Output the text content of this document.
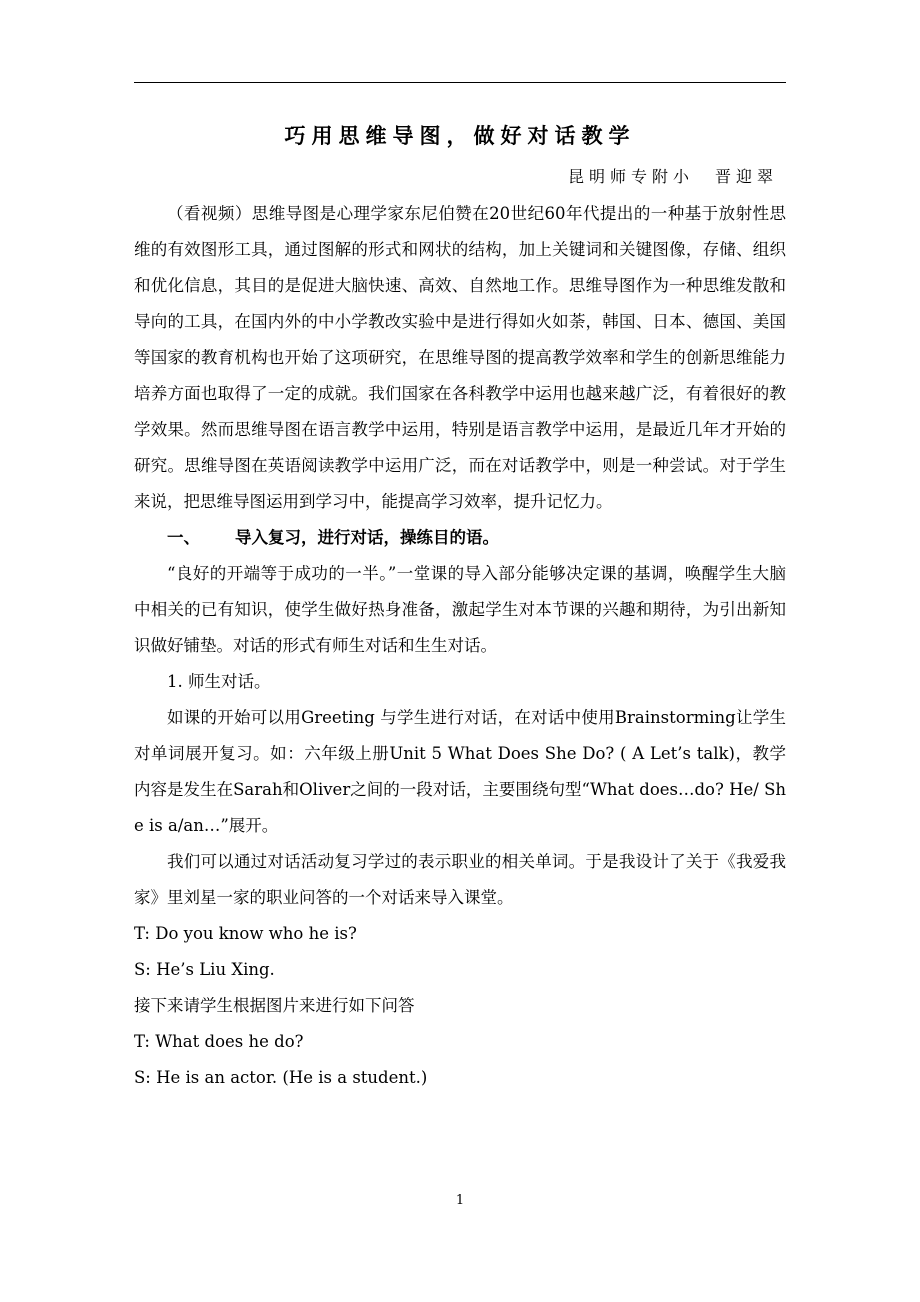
巧用思维导图，做好对话教学
昆明师专附小　晋迎翠

（看视频）思维导图是心理学家东尼伯赞在20世纪60年代提出的一种基于放射性思维的有效图形工具，通过图解的形式和网状的结构，加上关键词和关键图像，存储、组织和优化信息，其目的是促进大脑快速、高效、自然地工作。思维导图作为一种思维发散和导向的工具，在国内外的中小学教改实验中是进行得如火如荼，韩国、日本、德国、美国等国家的教育机构也开始了这项研究，在思维导图的提高教学效率和学生的创新思维能力培养方面也取得了一定的成就。我们国家在各科教学中运用也越来越广泛，有着很好的教学效果。然而思维导图在语言教学中运用，特别是语言教学中运用，是最近几年才开始的研究。思维导图在英语阅读教学中运用广泛，而在对话教学中，则是一种尝试。对于学生来说，把思维导图运用到学习中，能提高学习效率，提升记忆力。

一、 导入复习，进行对话，操练目的语。

“良好的开端等于成功的一半。”一堂课的导入部分能够决定课的基调，唤醒学生大脑中相关的已有知识，使学生做好热身准备，激起学生对本节课的兴趣和期待，为引出新知识做好铺垫。对话的形式有师生对话和生生对话。

1. 师生对话。

如课的开始可以用Greeting 与学生进行对话，在对话中使用Brainstorming让学生对单词展开复习。如：六年级上册Unit 5 What Does She Do? ( A Let’s talk)，教学内容是发生在Sarah和Oliver之间的一段对话，主要围绕句型“What does…do? He/ She is a/an…”展开。

我们可以通过对话活动复习学过的表示职业的相关单词。于是我设计了关于《我爱我家》里刘星一家的职业问答的一个对话来导入课堂。

T: Do you know who he is?

S: He’s Liu Xing.

接下来请学生根据图片来进行如下问答

T: What does he do?

S: He is an actor. (He is a student.)

1
